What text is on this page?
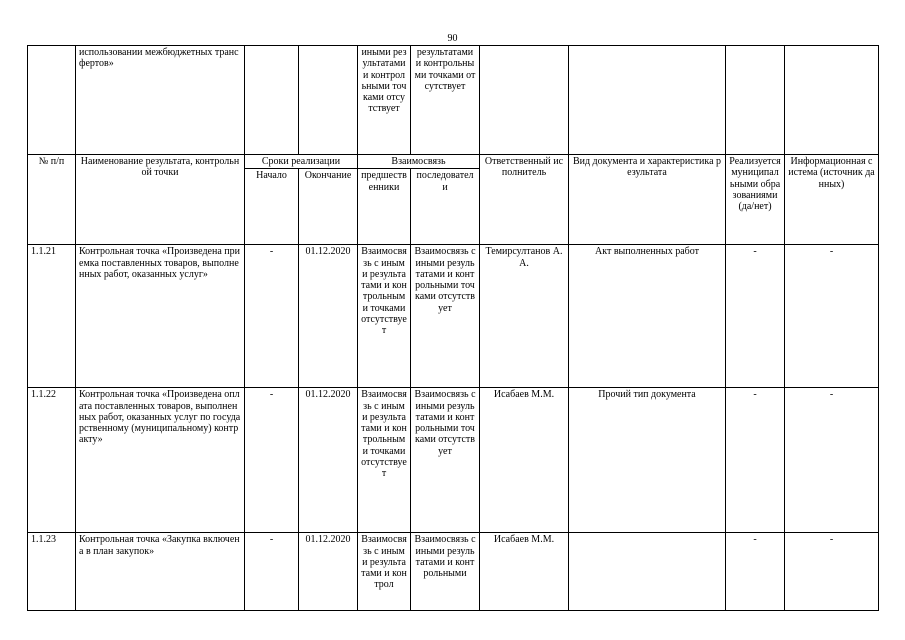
90
	использовании межбюджетных трансфертов»			иными результатами и контрольными точками отсутствует	результатами и контрольными точками отсутствует				
№ п/п	Наименование результата, контрольной точки	Сроки реализации		Взаимосвязь		Ответственный исполнитель	Вид документа и характеристика результата	Реализуется муниципальными образованиями (да/нет)	Информационная система (источник данных)
		Начало	Окончание	предшественники	последователи				
1.1.21	Контрольная точка «Произведена приемка поставленных товаров, выполненных работ, оказанных услуг»	-	01.12.2020	Взаимосвязь с иными результатами и контрольными точками отсутствует	Взаимосвязь с иными результатами и контрольными точками отсутствует	Темирсултанов А.А.	Акт выполненных работ	-	-
1.1.22	Контрольная точка «Произведена оплата поставленных товаров, выполненных работ, оказанных услуг по государственному (муниципальному) контракту»	-	01.12.2020	Взаимосвязь с иными результатами и контрольными точками отсутствует	Взаимосвязь с иными результатами и контрольными точками отсутствует	Исабаев М.М.	Прочий тип документа	-	-
1.1.23	Контрольная точка «Закупка включена в план закупок»	-	01.12.2020	Взаимосвязь с иными результатами и контрол	Взаимосвязь с иными результатами и контрольными	Исабаев М.М.		-	-
